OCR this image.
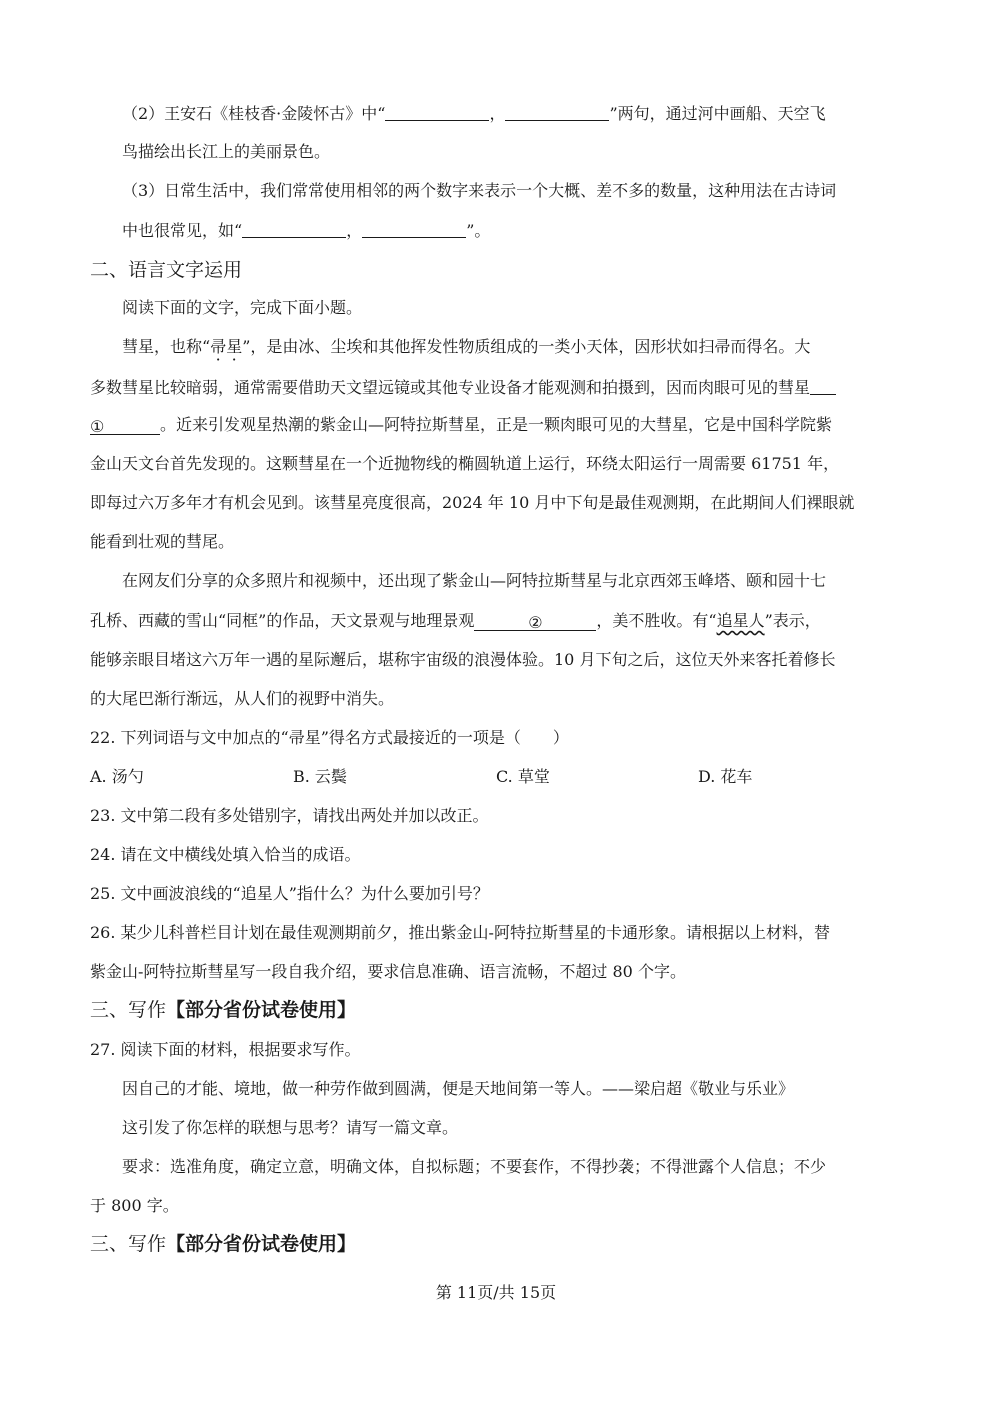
（2）王安石《桂枝香·金陵怀古》中“	，	”两句，通过河中画船、天空飞
鸟描绘出长江上的美丽景色。
（3）日常生活中，我们常常使用相邻的两个数字来表示一个大概、差不多的数量，这种用法在古诗词
中也很常见，如“	，	”。
二、语言文字运用
阅读下面的文字，完成下面小题。
彗星，也称“帚星”，是由冰、尘埃和其他挥发性物质组成的一类小天体，因形状如扫帚而得名。大
多数彗星比较暗弱，通常需要借助天文望远镜或其他专业设备才能观测和拍摄到，因而肉眼可见的彗星
①	。近来引发观星热潮的紫金山—阿特拉斯彗星，正是一颗肉眼可见的大彗星，它是中国科学院紫
金山天文台首先发现的。这颗彗星在一个近抛物线的椭圆轨道上运行，环绕太阳运行一周需要 61751 年，
即每过六万多年才有机会见到。该彗星亮度很高，2024 年 10 月中下旬是最佳观测期，在此期间人们裸眼就
能看到壮观的彗尾。
在网友们分享的众多照片和视频中，还出现了紫金山—阿特拉斯彗星与北京西郊玉峰塔、颐和园十七
孔桥、西藏的雪山“同框”的作品，天文景观与地理景观	②	，美不胜收。有“追星人”表示，
能够亲眼目堵这六万年一遇的星际邂后，堪称宇宙级的浪漫体验。10 月下旬之后，这位天外来客托着修长
的大尾巴渐行渐远，从人们的视野中消失。
22. 下列词语与文中加点的“帚星”得名方式最接近的一项是（　　）
A. 汤勺	B. 云鬓	C. 草堂	D. 花车
23. 文中第二段有多处错别字，请找出两处并加以改正。
24. 请在文中横线处填入恰当的成语。
25. 文中画波浪线的“追星人”指什么？为什么要加引号？
26. 某少儿科普栏目计划在最佳观测期前夕，推出紫金山-阿特拉斯彗星的卡通形象。请根据以上材料，替
紫金山-阿特拉斯彗星写一段自我介绍，要求信息准确、语言流畅，不超过 80 个字。
三、写作【部分省份试卷使用】
27. 阅读下面的材料，根据要求写作。
因自己的才能、境地，做一种劳作做到圆满，便是天地间第一等人。——梁启超《敬业与乐业》
这引发了你怎样的联想与思考？请写一篇文章。
要求：选准角度，确定立意，明确文体，自拟标题；不要套作，不得抄袭；不得泄露个人信息；不少
于 800 字。
三、写作【部分省份试卷使用】
第 11页/共 15页
